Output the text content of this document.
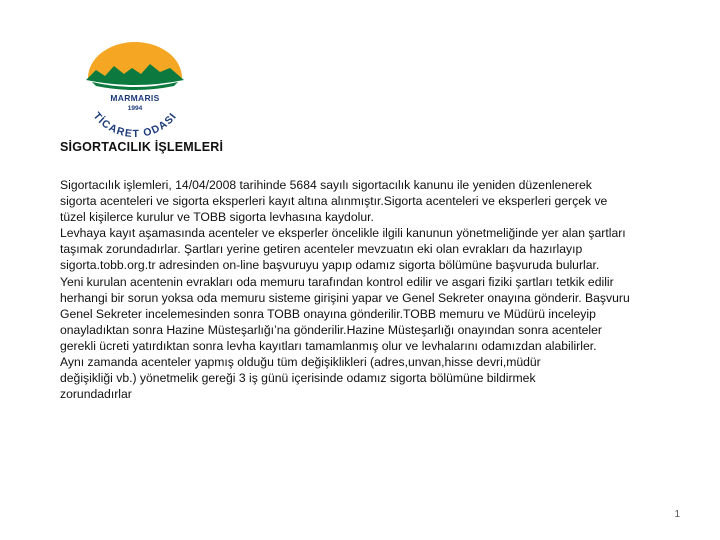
MARMARIS
1994
TİCARET ODASI
SİGORTACILIK İŞLEMLERİ
Sigortacılık işlemleri, 14/04/2008 tarihinde 5684 sayılı sigortacılık kanunu ile yeniden düzenlenerek
sigorta acenteleri ve sigorta eksperleri kayıt altına alınmıştır.Sigorta acenteleri ve eksperleri gerçek ve
tüzel kişilerce kurulur ve TOBB sigorta levhasına kaydolur.
Levhaya kayıt aşamasında acenteler ve eksperler öncelikle ilgili kanunun yönetmeliğinde yer alan şartları
taşımak zorundadırlar. Şartları yerine getiren acenteler mevzuatın eki olan evrakları da hazırlayıp
sigorta.tobb.org.tr adresinden on-line başvuruyu yapıp odamız sigorta bölümüne başvuruda bulurlar.
Yeni kurulan acentenin evrakları oda memuru tarafından kontrol edilir ve asgari fiziki şartları tetkik edilir
herhangi bir sorun yoksa oda memuru sisteme girişini yapar ve Genel Sekreter onayına gönderir. Başvuru
Genel Sekreter incelemesinden sonra TOBB onayına gönderilir.TOBB memuru ve Müdürü inceleyip
onayladıktan sonra Hazine Müsteşarlığı’na gönderilir.Hazine Müsteşarlığı onayından sonra acenteler
gerekli ücreti yatırdıktan sonra levha kayıtları tamamlanmış olur ve levhalarını odamızdan alabilirler.
Aynı zamanda acenteler yapmış olduğu tüm değişiklikleri (adres,unvan,hisse devri,müdür
değişikliği vb.) yönetmelik gereği 3 iş günü içerisinde odamız sigorta bölümüne bildirmek
zorundadırlar
1
